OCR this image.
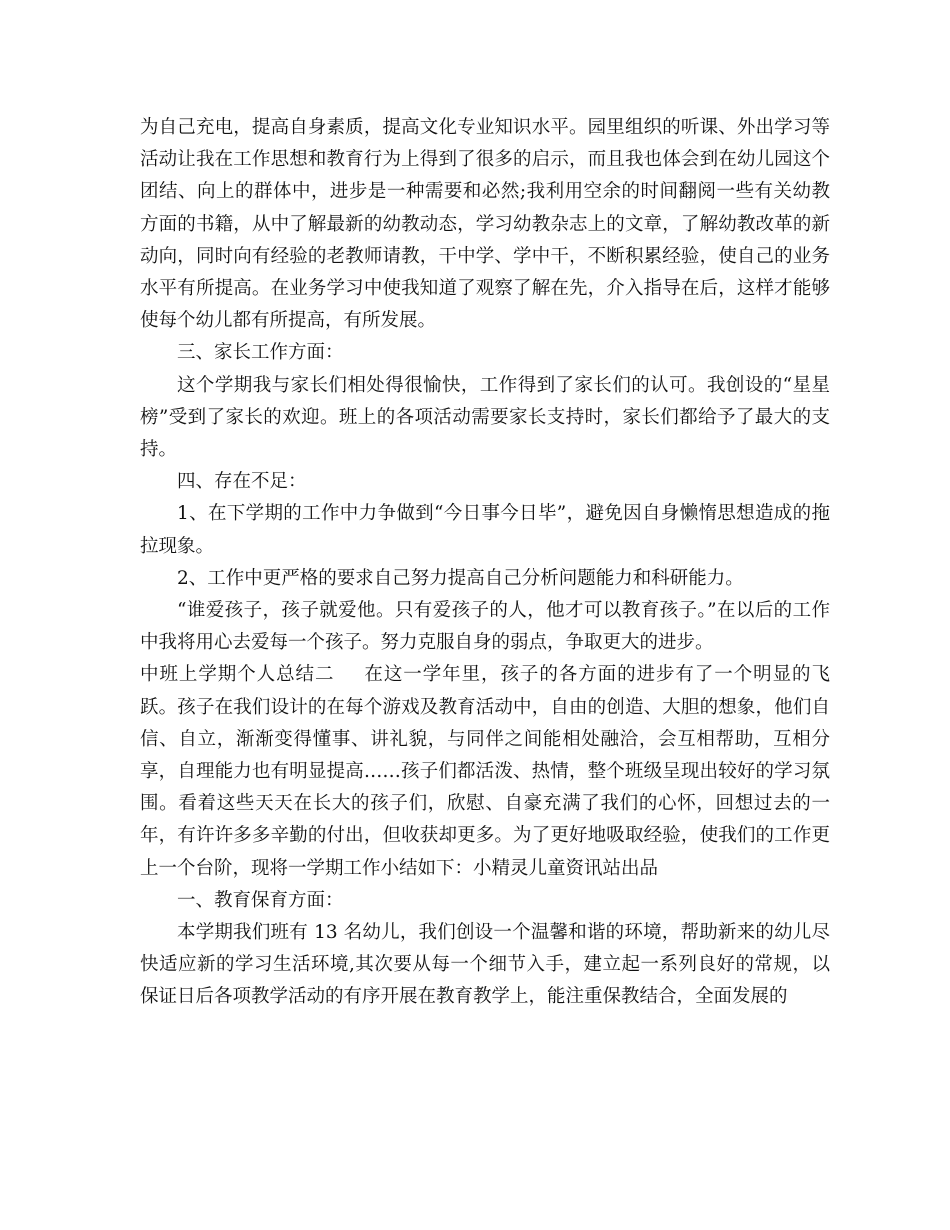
为自己充电，提高自身素质，提高文化专业知识水平。园里组织的听课、外出学习等活动让我在工作思想和教育行为上得到了很多的启示，而且我也体会到在幼儿园这个团结、向上的群体中，进步是一种需要和必然;我利用空余的时间翻阅一些有关幼教方面的书籍，从中了解最新的幼教动态，学习幼教杂志上的文章，了解幼教改革的新动向，同时向有经验的老教师请教，干中学、学中干，不断积累经验，使自己的业务水平有所提高。在业务学习中使我知道了观察了解在先，介入指导在后，这样才能够使每个幼儿都有所提高，有所发展。

三、家长工作方面：

这个学期我与家长们相处得很愉快，工作得到了家长们的认可。我创设的“星星榜”受到了家长的欢迎。班上的各项活动需要家长支持时，家长们都给予了最大的支持。

四、存在不足：

1、在下学期的工作中力争做到“今日事今日毕”，避免因自身懒惰思想造成的拖拉现象。

2、工作中更严格的要求自己努力提高自己分析问题能力和科研能力。

“谁爱孩子，孩子就爱他。只有爱孩子的人，他才可以教育孩子。”在以后的工作中我将用心去爱每一个孩子。努力克服自身的弱点，争取更大的进步。

中班上学期个人总结二 在这一学年里，孩子的各方面的进步有了一个明显的飞跃。孩子在我们设计的在每个游戏及教育活动中，自由的创造、大胆的想象，他们自信、自立，渐渐变得懂事、讲礼貌，与同伴之间能相处融洽，会互相帮助，互相分享，自理能力也有明显提高……孩子们都活泼、热情，整个班级呈现出较好的学习氛围。看着这些天天在长大的孩子们，欣慰、自豪充满了我们的心怀，回想过去的一年，有许许多多辛勤的付出，但收获却更多。为了更好地吸取经验，使我们的工作更上一个台阶，现将一学期工作小结如下：小精灵儿童资讯站出品

一、教育保育方面：

本学期我们班有 13 名幼儿，我们创设一个温馨和谐的环境，帮助新来的幼儿尽快适应新的学习生活环境,其次要从每一个细节入手，建立起一系列良好的常规，以保证日后各项教学活动的有序开展在教育教学上，能注重保教结合，全面发展的
